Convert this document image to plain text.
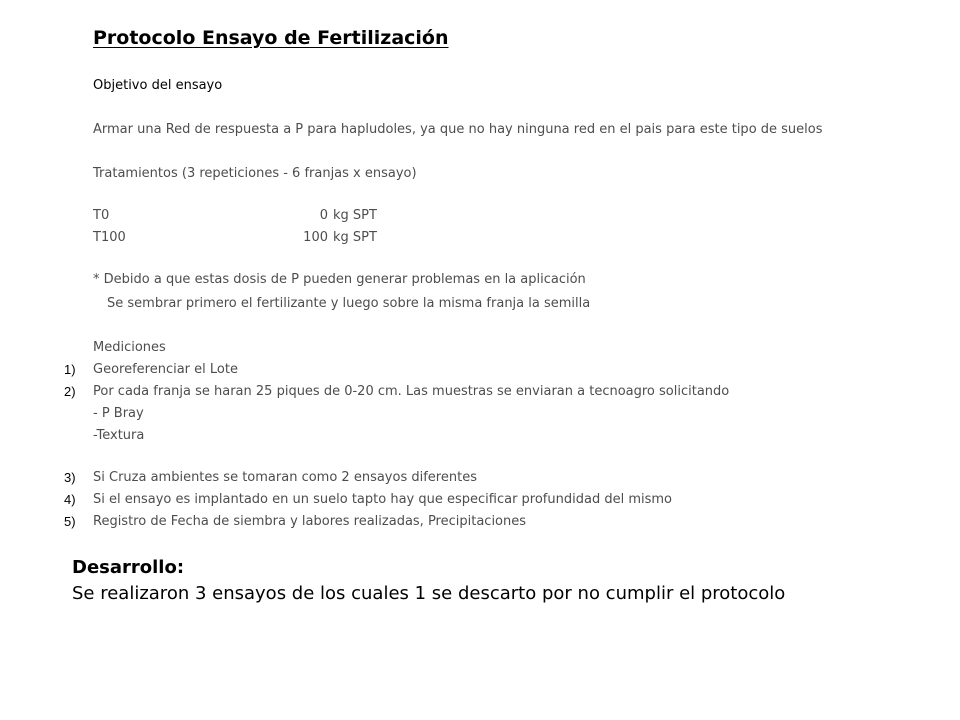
Protocolo Ensayo de Fertilización
Objetivo del ensayo
Armar una Red de respuesta a P para hapludoles, ya que no hay ninguna red en el pais para este tipo de suelos
Tratamientos (3 repeticiones - 6 franjas x ensayo)
T0	0 kg SPT
T100	100 kg SPT
* Debido a que estas dosis de P pueden generar problemas en la aplicación
Se sembrar primero el fertilizante y luego sobre la misma franja la semilla
Mediciones
1) Georeferenciar el Lote
2) Por cada franja se haran 25 piques de 0-20 cm. Las muestras se enviaran a tecnoagro solicitando
- P Bray
-Textura
3) Si Cruza ambientes se tomaran como 2 ensayos diferentes
4) Si el ensayo es implantado en un suelo tapto hay que especificar profundidad del mismo
5) Registro de Fecha de siembra y labores realizadas, Precipitaciones
Desarrollo:
Se realizaron 3 ensayos de los cuales 1 se descarto por no cumplir el protocolo
